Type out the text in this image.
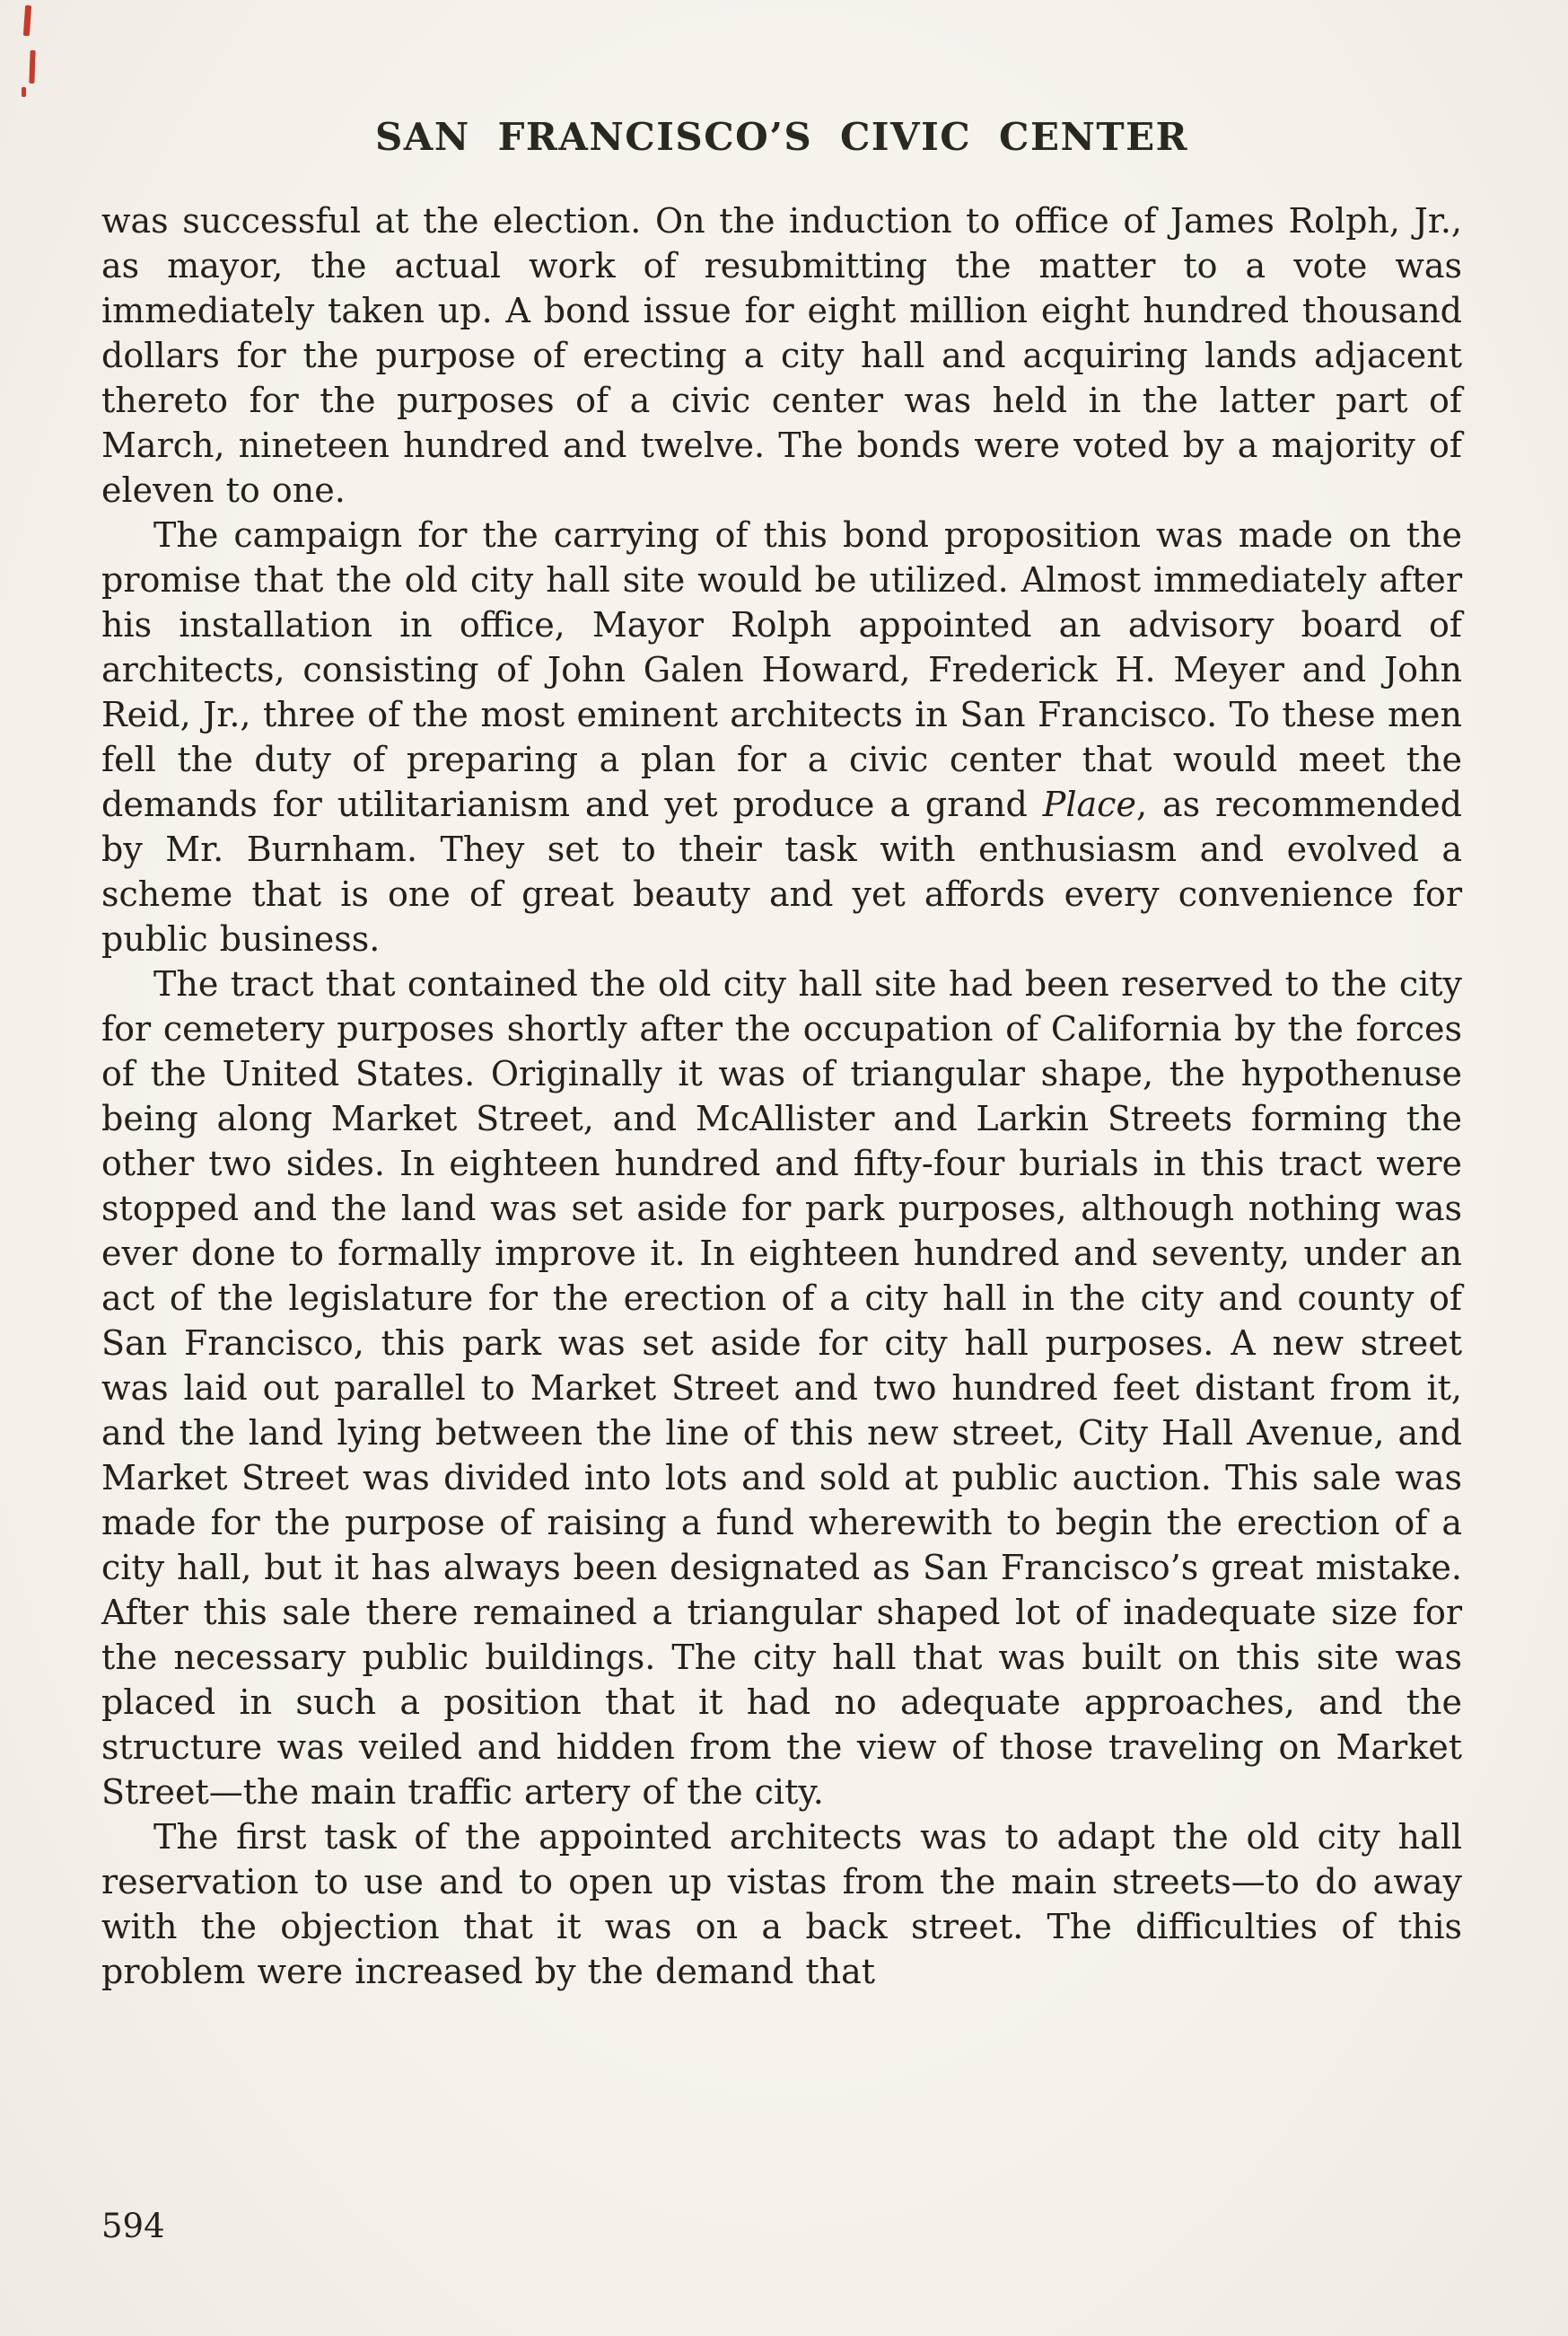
SAN FRANCISCO’S CIVIC CENTER

was successful at the election. On the induction to office of James Rolph, Jr., as mayor, the actual work of resubmitting the matter to a vote was immediately taken up. A bond issue for eight million eight hundred thousand dollars for the purpose of erecting a city hall and acquiring lands adjacent thereto for the purposes of a civic center was held in the latter part of March, nineteen hundred and twelve. The bonds were voted by a majority of eleven to one.

The campaign for the carrying of this bond proposition was made on the promise that the old city hall site would be utilized. Almost immediately after his installation in office, Mayor Rolph appointed an advisory board of architects, consisting of John Galen Howard, Frederick H. Meyer and John Reid, Jr., three of the most eminent architects in San Francisco. To these men fell the duty of preparing a plan for a civic center that would meet the demands for utilitarianism and yet produce a grand Place, as recommended by Mr. Burnham. They set to their task with enthusiasm and evolved a scheme that is one of great beauty and yet affords every convenience for public business.

The tract that contained the old city hall site had been reserved to the city for cemetery purposes shortly after the occupation of California by the forces of the United States. Originally it was of triangular shape, the hypothenuse being along Market Street, and McAllister and Larkin Streets forming the other two sides. In eighteen hundred and fifty-four burials in this tract were stopped and the land was set aside for park purposes, although nothing was ever done to formally improve it. In eighteen hundred and seventy, under an act of the legislature for the erection of a city hall in the city and county of San Francisco, this park was set aside for city hall purposes. A new street was laid out parallel to Market Street and two hundred feet distant from it, and the land lying between the line of this new street, City Hall Avenue, and Market Street was divided into lots and sold at public auction. This sale was made for the purpose of raising a fund wherewith to begin the erection of a city hall, but it has always been designated as San Francisco’s great mistake. After this sale there remained a triangular shaped lot of inadequate size for the necessary public buildings. The city hall that was built on this site was placed in such a position that it had no adequate approaches, and the structure was veiled and hidden from the view of those traveling on Market Street—the main traffic artery of the city.

The first task of the appointed architects was to adapt the old city hall reservation to use and to open up vistas from the main streets—to do away with the objection that it was on a back street. The difficulties of this problem were increased by the demand that

594
